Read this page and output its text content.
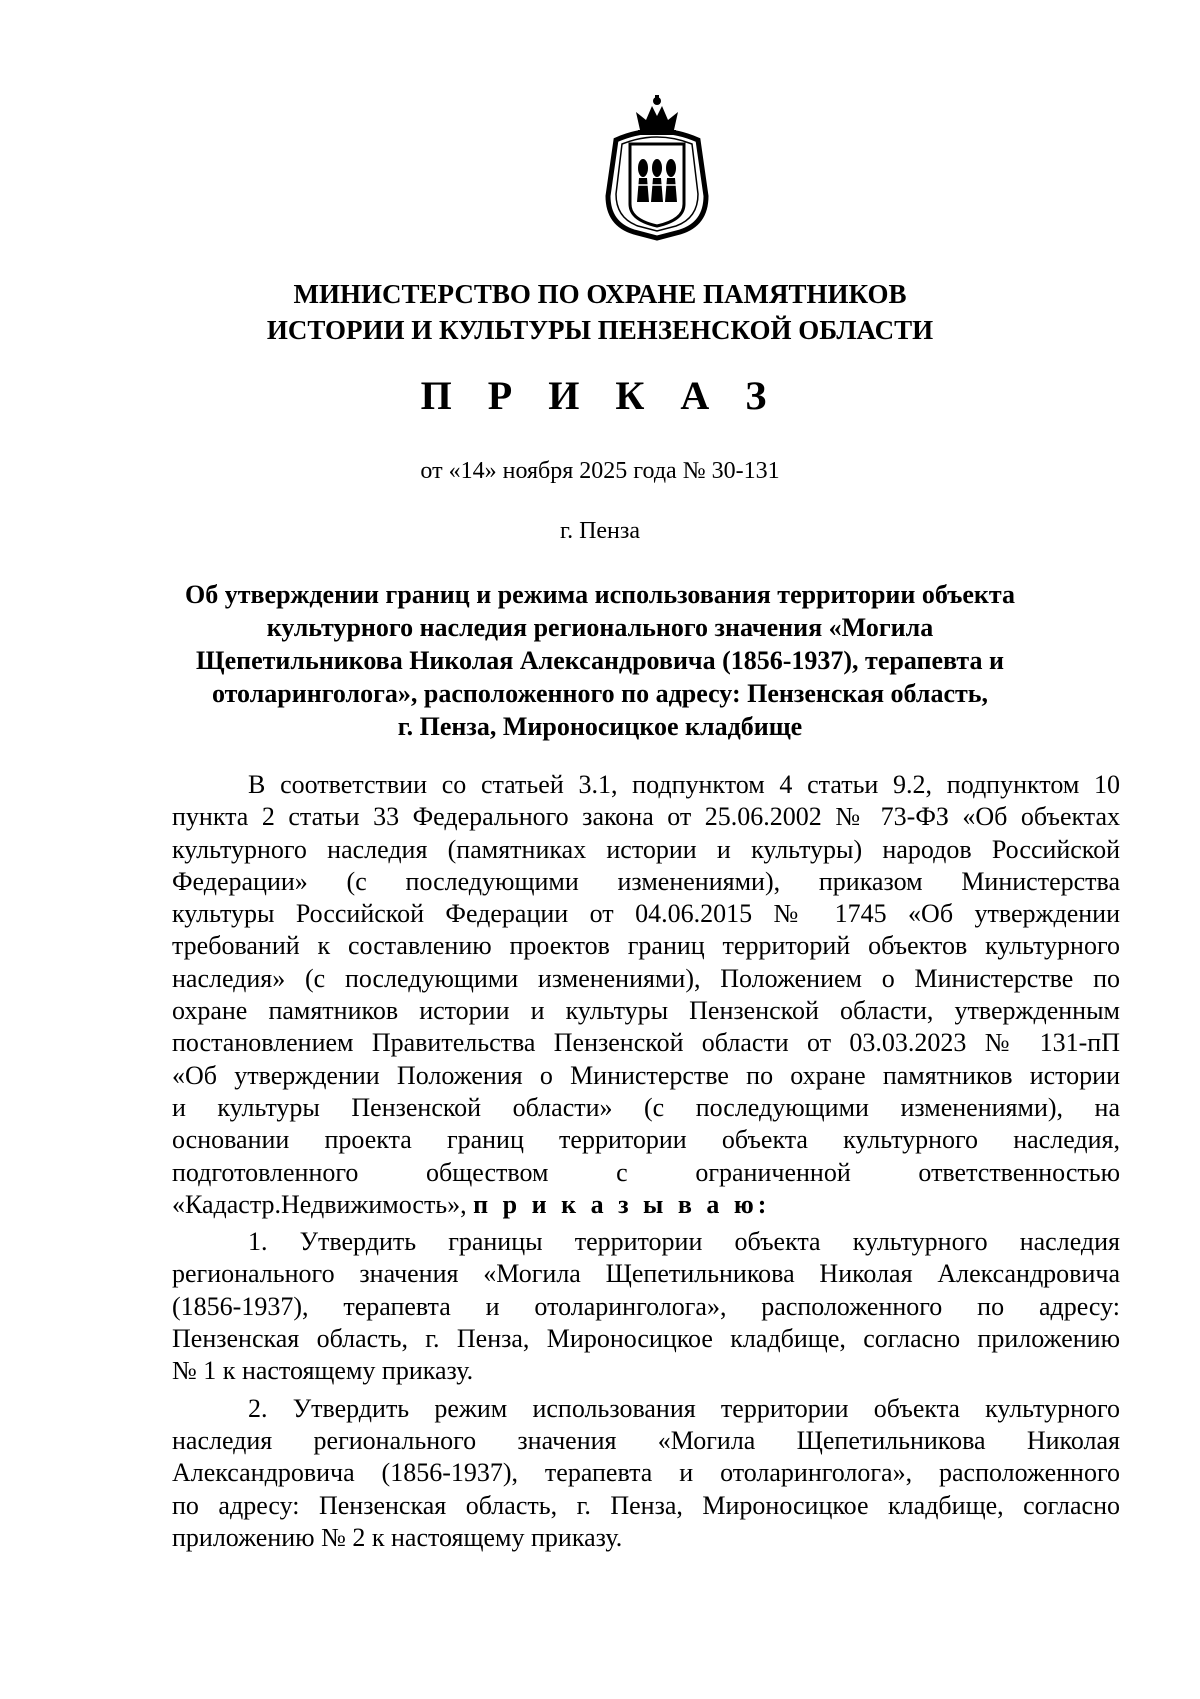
МИНИСТЕРСТВО ПО ОХРАНЕ ПАМЯТНИКОВ
ИСТОРИИ И КУЛЬТУРЫ ПЕНЗЕНСКОЙ ОБЛАСТИ
П Р И К А З
от «14» ноября 2025 года № 30-131
г. Пенза
Об утверждении границ и режима использования территории объекта
культурного наследия регионального значения «Могила
Щепетильникова Николая Александровича (1856-1937), терапевта и
отоларинголога», расположенного по адресу: Пензенская область,
г. Пенза, Мироносицкое кладбище
В соответствии со статьей 3.1, подпунктом 4 статьи 9.2, подпунктом 10
пункта 2 статьи 33 Федерального закона от 25.06.2002 № 73-ФЗ «Об объектах
культурного наследия (памятниках истории и культуры) народов Российской
Федерации» (с последующими изменениями), приказом Министерства
культуры Российской Федерации от 04.06.2015 № 1745 «Об утверждении
требований к составлению проектов границ территорий объектов культурного
наследия» (с последующими изменениями), Положением о Министерстве по
охране памятников истории и культуры Пензенской области, утвержденным
постановлением Правительства Пензенской области от 03.03.2023 № 131-пП
«Об утверждении Положения о Министерстве по охране памятников истории
и культуры Пензенской области» (с последующими изменениями), на
основании проекта границ территории объекта культурного наследия,
подготовленного обществом с ограниченной ответственностью
«Кадастр.Недвижимость», п р и к а з ы в а ю:
1. Утвердить границы территории объекта культурного наследия
регионального значения «Могила Щепетильникова Николая Александровича
(1856-1937), терапевта и отоларинголога», расположенного по адресу:
Пензенская область, г. Пенза, Мироносицкое кладбище, согласно приложению
№ 1 к настоящему приказу.
2. Утвердить режим использования территории объекта культурного
наследия регионального значения «Могила Щепетильникова Николая
Александровича (1856-1937), терапевта и отоларинголога», расположенного
по адресу: Пензенская область, г. Пенза, Мироносицкое кладбище, согласно
приложению № 2 к настоящему приказу.
